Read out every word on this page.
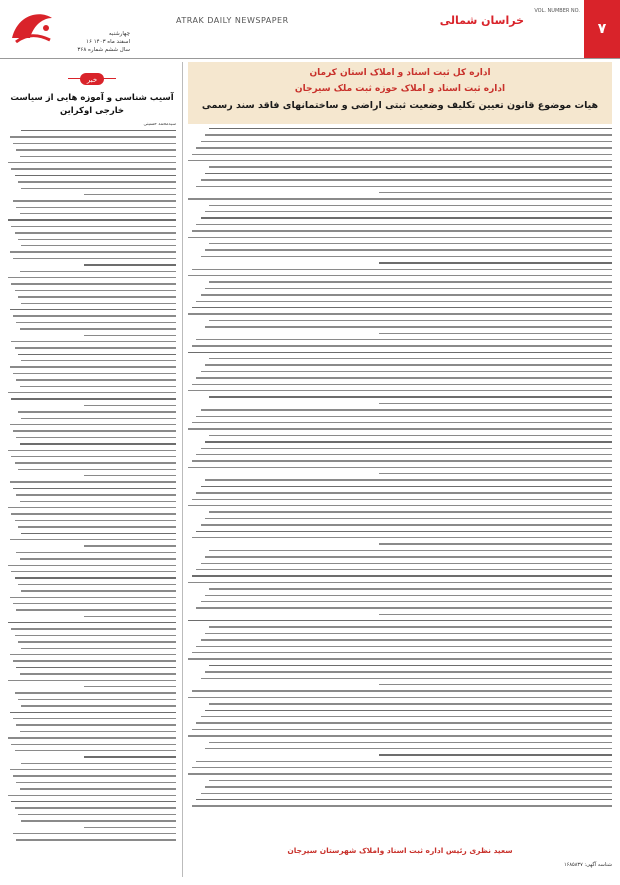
۷
VOL. NUMBER NO.
خراسان شمالی
ATRAK DAILY NEWSPAPER
چهارشنبه
۱۶ اسفند ماه ۱۴۰۳
سال ششم شماره ۳۶۸
خبر
آسیب شناسی و آموزه هایی از سیاست
خارجی اوکراین
سیدمحمد حسینی
اداره کل ثبت اسناد و املاک استان کرمان
اداره ثبت اسناد و املاک حوزه ثبت ملک سیرجان
هیات موضوع قانون تعیین تکلیف وضعیت ثبتی اراضی و ساختمانهای فاقد سند رسمی
سعید نظری رئیس اداره ثبت اسناد واملاک شهرستان سیرجان
شناسه آگهی: ۱۶۸۵۸۳۷
